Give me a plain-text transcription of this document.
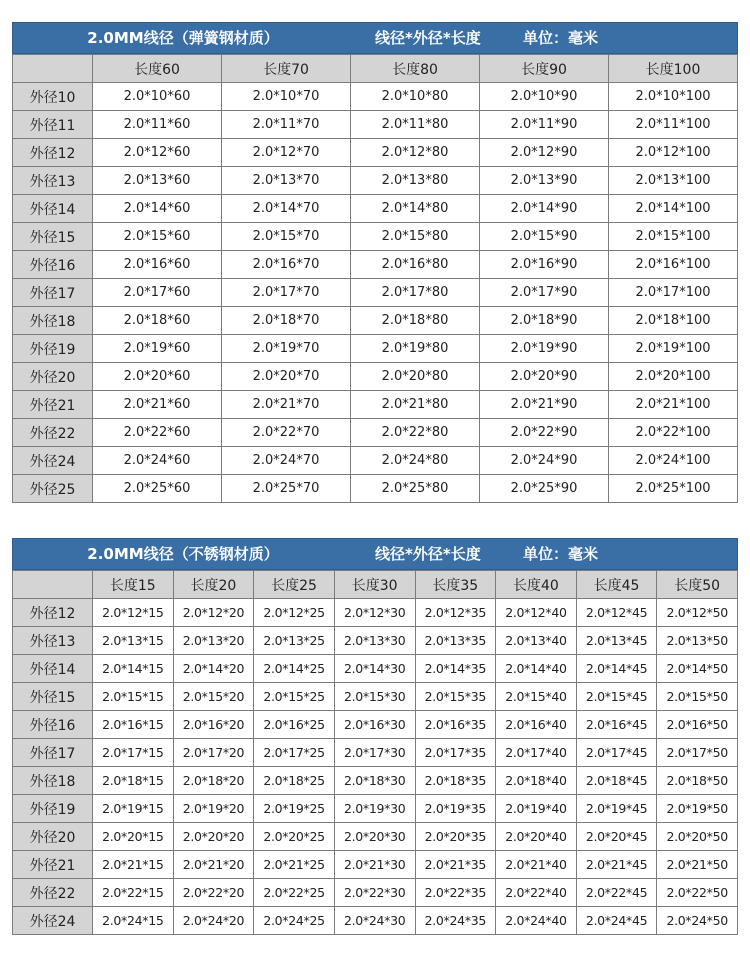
2.0MM线径（弹簧钢材质）	线径*外径*长度	单位：毫米
	长度60	长度70	长度80	长度90	长度100
外径10	2.0*10*60	2.0*10*70	2.0*10*80	2.0*10*90	2.0*10*100
外径11	2.0*11*60	2.0*11*70	2.0*11*80	2.0*11*90	2.0*11*100
外径12	2.0*12*60	2.0*12*70	2.0*12*80	2.0*12*90	2.0*12*100
外径13	2.0*13*60	2.0*13*70	2.0*13*80	2.0*13*90	2.0*13*100
外径14	2.0*14*60	2.0*14*70	2.0*14*80	2.0*14*90	2.0*14*100
外径15	2.0*15*60	2.0*15*70	2.0*15*80	2.0*15*90	2.0*15*100
外径16	2.0*16*60	2.0*16*70	2.0*16*80	2.0*16*90	2.0*16*100
外径17	2.0*17*60	2.0*17*70	2.0*17*80	2.0*17*90	2.0*17*100
外径18	2.0*18*60	2.0*18*70	2.0*18*80	2.0*18*90	2.0*18*100
外径19	2.0*19*60	2.0*19*70	2.0*19*80	2.0*19*90	2.0*19*100
外径20	2.0*20*60	2.0*20*70	2.0*20*80	2.0*20*90	2.0*20*100
外径21	2.0*21*60	2.0*21*70	2.0*21*80	2.0*21*90	2.0*21*100
外径22	2.0*22*60	2.0*22*70	2.0*22*80	2.0*22*90	2.0*22*100
外径24	2.0*24*60	2.0*24*70	2.0*24*80	2.0*24*90	2.0*24*100
外径25	2.0*25*60	2.0*25*70	2.0*25*80	2.0*25*90	2.0*25*100
2.0MM线径（不锈钢材质）	线径*外径*长度	单位：毫米
	长度15	长度20	长度25	长度30	长度35	长度40	长度45	长度50
外径12	2.0*12*15	2.0*12*20	2.0*12*25	2.0*12*30	2.0*12*35	2.0*12*40	2.0*12*45	2.0*12*50
外径13	2.0*13*15	2.0*13*20	2.0*13*25	2.0*13*30	2.0*13*35	2.0*13*40	2.0*13*45	2.0*13*50
外径14	2.0*14*15	2.0*14*20	2.0*14*25	2.0*14*30	2.0*14*35	2.0*14*40	2.0*14*45	2.0*14*50
外径15	2.0*15*15	2.0*15*20	2.0*15*25	2.0*15*30	2.0*15*35	2.0*15*40	2.0*15*45	2.0*15*50
外径16	2.0*16*15	2.0*16*20	2.0*16*25	2.0*16*30	2.0*16*35	2.0*16*40	2.0*16*45	2.0*16*50
外径17	2.0*17*15	2.0*17*20	2.0*17*25	2.0*17*30	2.0*17*35	2.0*17*40	2.0*17*45	2.0*17*50
外径18	2.0*18*15	2.0*18*20	2.0*18*25	2.0*18*30	2.0*18*35	2.0*18*40	2.0*18*45	2.0*18*50
外径19	2.0*19*15	2.0*19*20	2.0*19*25	2.0*19*30	2.0*19*35	2.0*19*40	2.0*19*45	2.0*19*50
外径20	2.0*20*15	2.0*20*20	2.0*20*25	2.0*20*30	2.0*20*35	2.0*20*40	2.0*20*45	2.0*20*50
外径21	2.0*21*15	2.0*21*20	2.0*21*25	2.0*21*30	2.0*21*35	2.0*21*40	2.0*21*45	2.0*21*50
外径22	2.0*22*15	2.0*22*20	2.0*22*25	2.0*22*30	2.0*22*35	2.0*22*40	2.0*22*45	2.0*22*50
外径24	2.0*24*15	2.0*24*20	2.0*24*25	2.0*24*30	2.0*24*35	2.0*24*40	2.0*24*45	2.0*24*50
